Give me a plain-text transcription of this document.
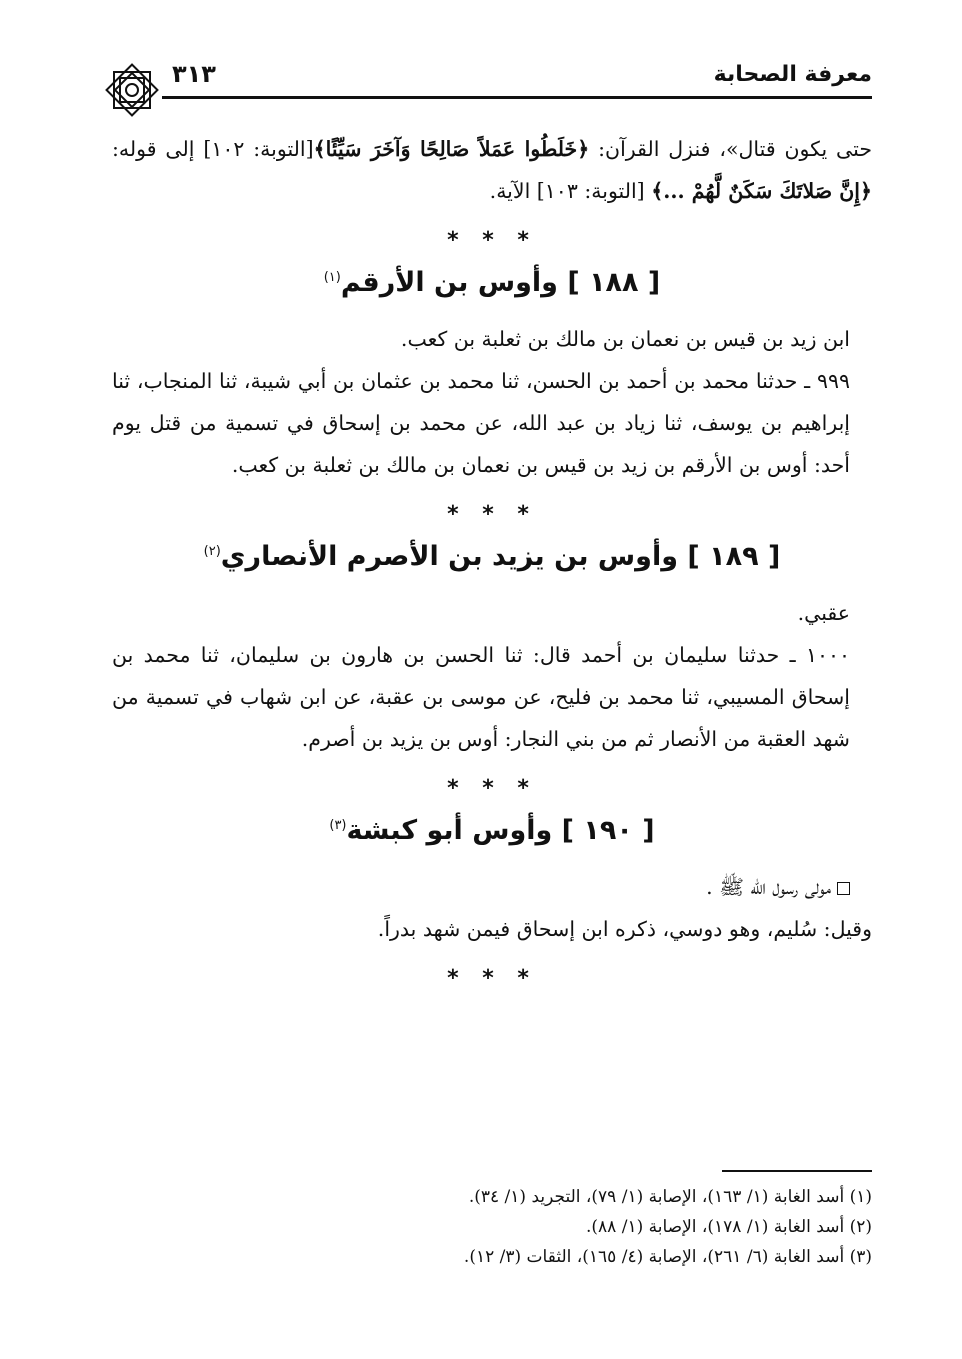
معرفة الصحابة
٣١٣

حتى يكون قتال»، فنزل القرآن: ﴿خَلَطُوا عَمَلاً صَالِحًا وَآخَرَ سَيِّئًا﴾[التوبة: ١٠٢] إلى قوله: ﴿إِنَّ صَلاتَكَ سَكَنٌ لَّهُمْ ...﴾ [التوبة: ١٠٣] الآية.

* * *
[ ١٨٨ ] وأوس بن الأرقم$^{(١)}$

ابن زيد بن قيس بن نعمان بن مالك بن ثعلبة بن كعب.

٩٩٩ ـ حدثنا محمد بن أحمد بن الحسن، ثنا محمد بن عثمان بن أبي شيبة، ثنا المنجاب، ثنا إبراهيم بن يوسف، ثنا زياد بن عبد الله، عن محمد بن إسحاق في تسمية من قتل يوم أحد: أوس بن الأرقم بن زيد بن قيس بن نعمان بن مالك بن ثعلبة بن كعب.

* * *
[ ١٨٩ ] وأوس بن يزيد بن الأصرم الأنصاري$^{(٢)}$

عقبي.

١٠٠٠ ـ حدثنا سليمان بن أحمد قال: ثنا الحسن بن هارون بن سليمان، ثنا محمد بن إسحاق المسيبي، ثنا محمد بن فليح، عن موسى بن عقبة، عن ابن شهاب في تسمية من شهد العقبة من الأنصار ثم من بني النجار: أوس بن يزيد بن أصرم.

* * *
[ ١٩٠ ] وأوس أبو كبشة$^{(٣)}$

مولى رسول الله ﷺ .

وقيل: سُليم، وهو دوسي، ذكره ابن إسحاق فيمن شهد بدراً.

* * *

(١) أسد الغابة (١/ ١٦٣)، الإصابة (١/ ٧٩)، التجريد (١/ ٣٤).

(٢) أسد الغابة (١/ ١٧٨)، الإصابة (١/ ٨٨).

(٣) أسد الغابة (٦/ ٢٦١)، الإصابة (٤/ ١٦٥)، الثقات (٣/ ١٢).
